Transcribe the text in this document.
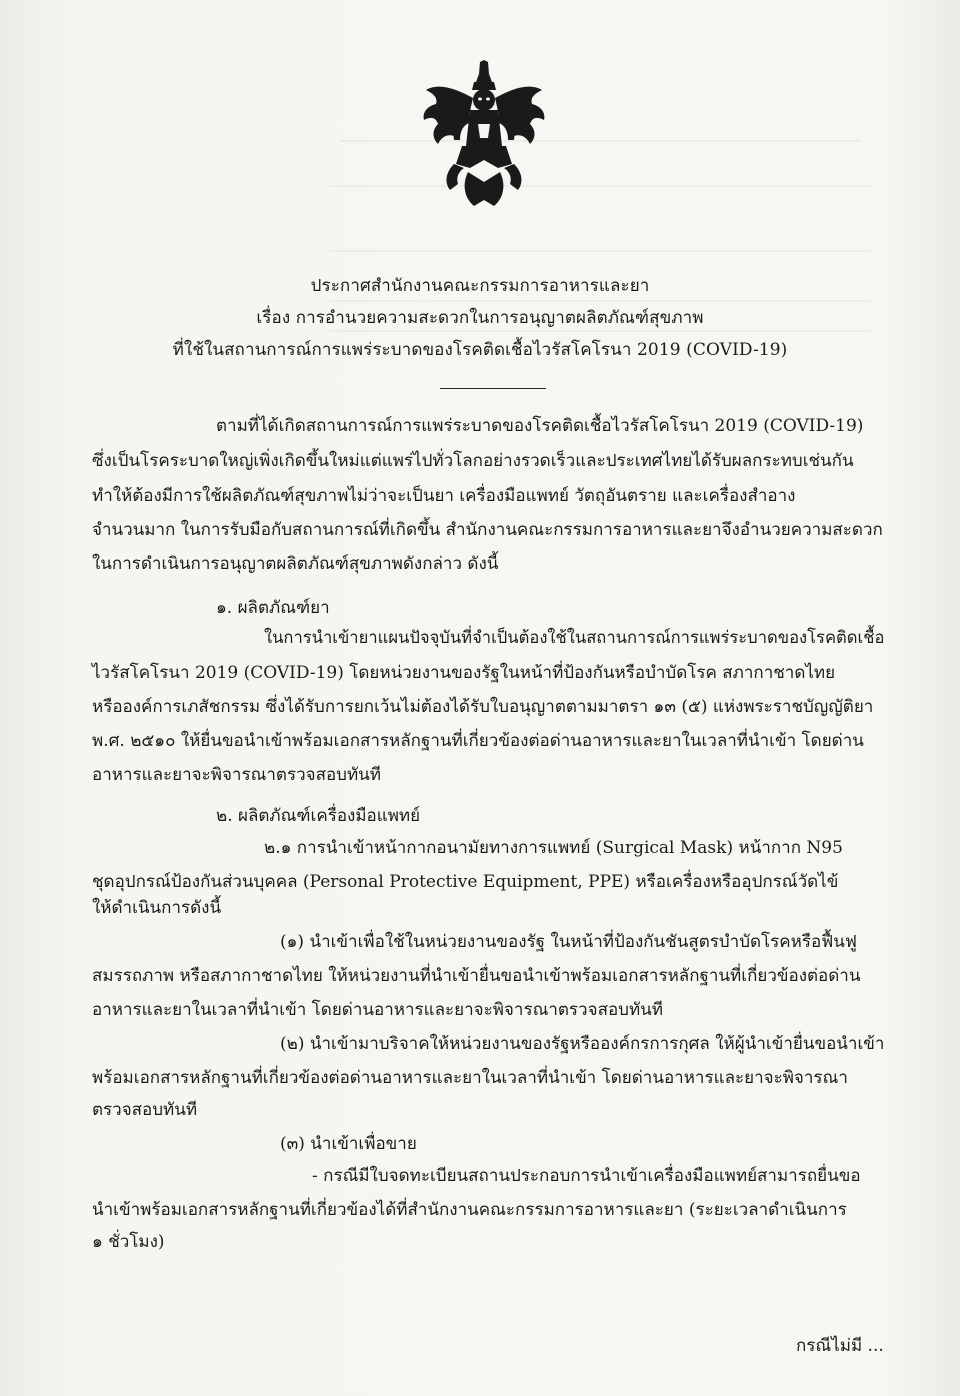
ประกาศสำนักงานคณะกรรมการอาหารและยา
เรื่อง การอำนวยความสะดวกในการอนุญาตผลิตภัณฑ์สุขภาพ
ที่ใช้ในสถานการณ์การแพร่ระบาดของโรคติดเชื้อไวรัสโคโรนา 2019 (COVID-19)
ตามที่ได้เกิดสถานการณ์การแพร่ระบาดของโรคติดเชื้อไวรัสโคโรนา 2019 (COVID-19)
ซึ่งเป็นโรคระบาดใหญ่เพิ่งเกิดขึ้นใหม่แต่แพร่ไปทั่วโลกอย่างรวดเร็วและประเทศไทยได้รับผลกระทบเช่นกัน
ทำให้ต้องมีการใช้ผลิตภัณฑ์สุขภาพไม่ว่าจะเป็นยา เครื่องมือแพทย์ วัตถุอันตราย และเครื่องสำอาง
จำนวนมาก ในการรับมือกับสถานการณ์ที่เกิดขึ้น สำนักงานคณะกรรมการอาหารและยาจึงอำนวยความสะดวก
ในการดำเนินการอนุญาตผลิตภัณฑ์สุขภาพดังกล่าว ดังนี้
๑. ผลิตภัณฑ์ยา
ในการนำเข้ายาแผนปัจจุบันที่จำเป็นต้องใช้ในสถานการณ์การแพร่ระบาดของโรคติดเชื้อ
ไวรัสโคโรนา 2019 (COVID-19) โดยหน่วยงานของรัฐในหน้าที่ป้องกันหรือบำบัดโรค สภากาชาดไทย
หรือองค์การเภสัชกรรม ซึ่งได้รับการยกเว้นไม่ต้องได้รับใบอนุญาตตามมาตรา ๑๓ (๕) แห่งพระราชบัญญัติยา
พ.ศ. ๒๕๑๐ ให้ยื่นขอนำเข้าพร้อมเอกสารหลักฐานที่เกี่ยวข้องต่อด่านอาหารและยาในเวลาที่นำเข้า โดยด่าน
อาหารและยาจะพิจารณาตรวจสอบทันที
๒. ผลิตภัณฑ์เครื่องมือแพทย์
๒.๑ การนำเข้าหน้ากากอนามัยทางการแพทย์ (Surgical Mask) หน้ากาก N95
ชุดอุปกรณ์ป้องกันส่วนบุคคล (Personal Protective Equipment, PPE) หรือเครื่องหรืออุปกรณ์วัดไข้
ให้ดำเนินการดังนี้
(๑) นำเข้าเพื่อใช้ในหน่วยงานของรัฐ ในหน้าที่ป้องกันชันสูตรบำบัดโรคหรือฟื้นฟู
สมรรถภาพ หรือสภากาชาดไทย ให้หน่วยงานที่นำเข้ายื่นขอนำเข้าพร้อมเอกสารหลักฐานที่เกี่ยวข้องต่อด่าน
อาหารและยาในเวลาที่นำเข้า โดยด่านอาหารและยาจะพิจารณาตรวจสอบทันที
(๒) นำเข้ามาบริจาคให้หน่วยงานของรัฐหรือองค์กรการกุศล ให้ผู้นำเข้ายื่นขอนำเข้า
พร้อมเอกสารหลักฐานที่เกี่ยวข้องต่อด่านอาหารและยาในเวลาที่นำเข้า โดยด่านอาหารและยาจะพิจารณา
ตรวจสอบทันที
(๓) นำเข้าเพื่อขาย
- กรณีมีใบจดทะเบียนสถานประกอบการนำเข้าเครื่องมือแพทย์สามารถยื่นขอ
นำเข้าพร้อมเอกสารหลักฐานที่เกี่ยวข้องได้ที่สำนักงานคณะกรรมการอาหารและยา (ระยะเวลาดำเนินการ
๑ ชั่วโมง)
กรณีไม่มี ...
